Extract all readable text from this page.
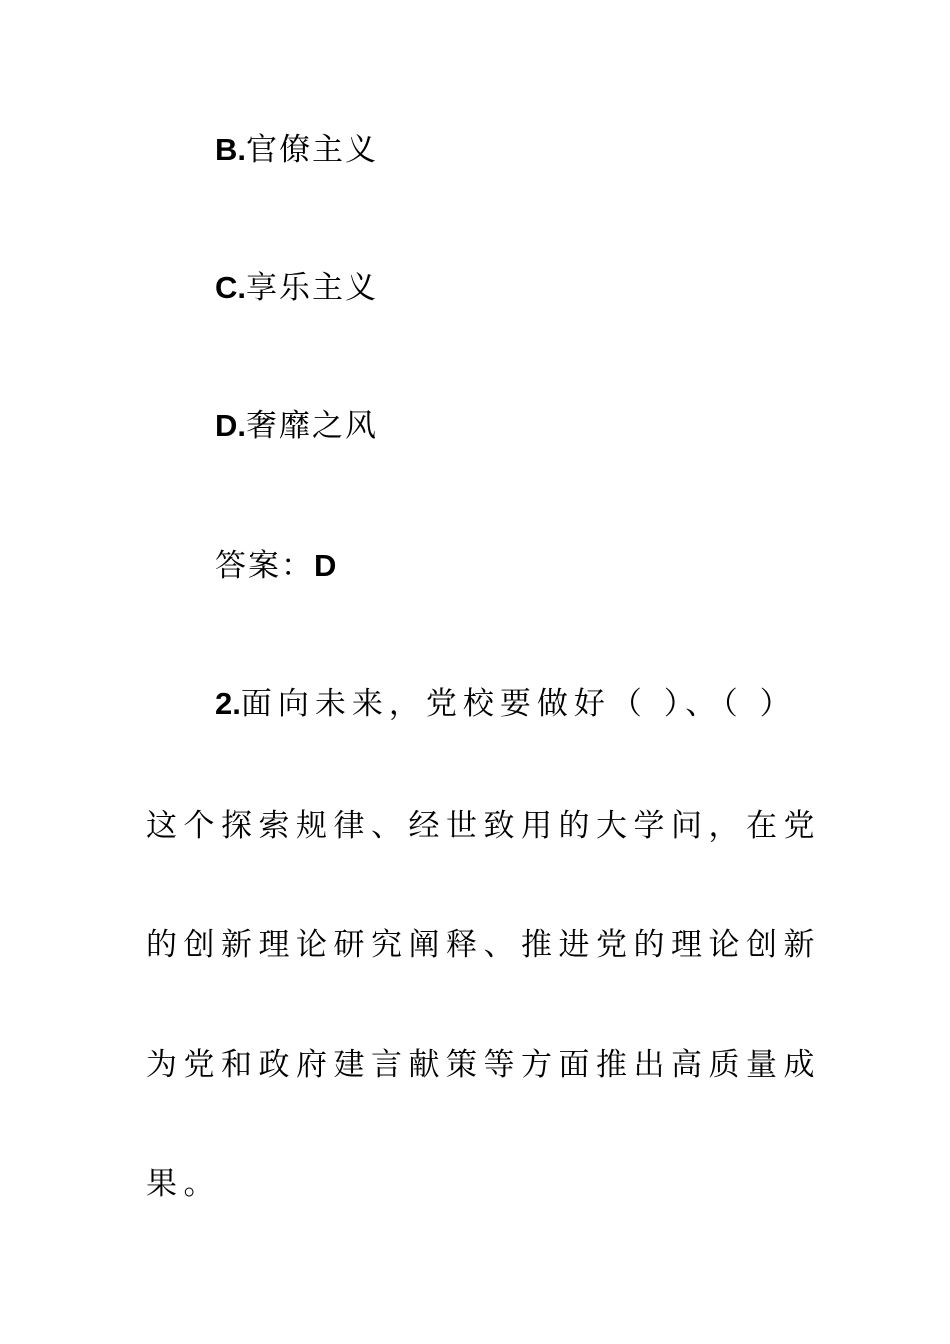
B.官僚主义
C.享乐主义
D.奢靡之风
答案：D
2.面向未来，党校要做好（ ）、（ ）
这个探索规律、经世致用的大学问，在党
的创新理论研究阐释、推进党的理论创新
为党和政府建言献策等方面推出高质量成
果。
